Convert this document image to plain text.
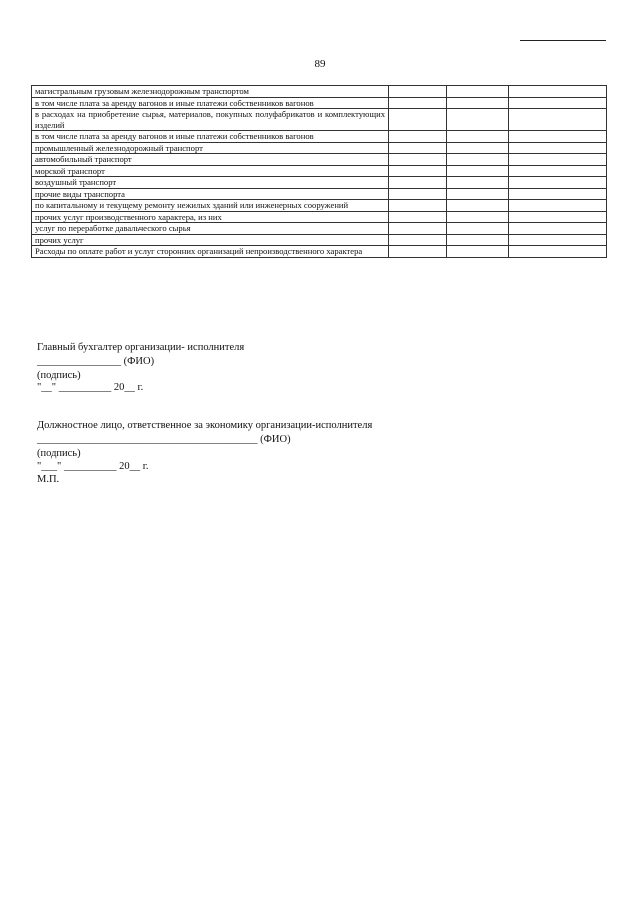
89
магистральным грузовым железнодорожным транспортом			
в том числе плата за аренду вагонов и иные платежи собственников вагонов			
в расходах на приобретение сырья, материалов, покупных полуфабрикатов и комплектующих изделий			
в том числе плата за аренду вагонов и иные платежи собственников вагонов			
промышленный железнодорожный транспорт			
автомобильный транспорт			
морской транспорт			
воздушный транспорт			
прочие виды транспорта			
по капитальному и текущему ремонту нежилых зданий или инженерных сооружений			
прочих услуг производственного характера, из них			
услуг по переработке давальческого сырья			
прочих услуг			
Расходы по оплате работ и услуг сторонних организаций непроизводственного характера			
Главный бухгалтер организации- исполнителя
________________ (ФИО)
(подпись)
"__" __________ 20__ г.
Должностное лицо, ответственное за экономику организации-исполнителя
__________________________________________ (ФИО)
(подпись)
"___" __________ 20__ г.
М.П.
